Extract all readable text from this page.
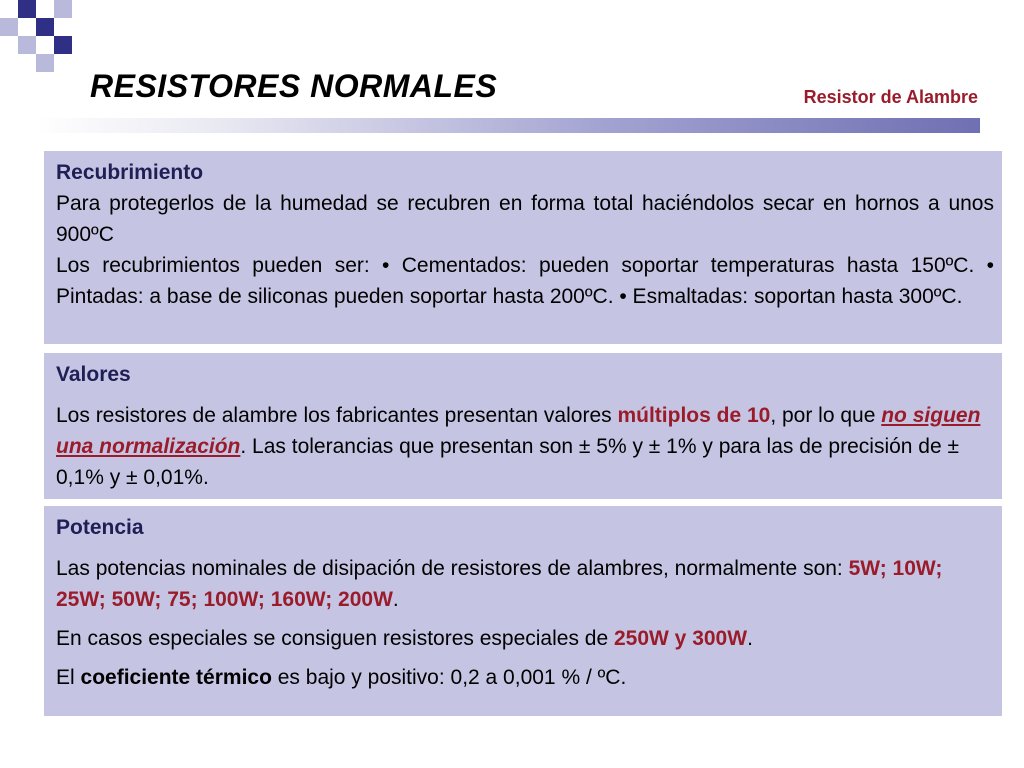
RESISTORES NORMALES	Resistor de Alambre

Recubrimiento

Para protegerlos de la humedad se recubren en forma total haciéndolos secar en hornos a unos 900ºC

Los recubrimientos pueden ser: • Cementados: pueden soportar temperaturas hasta 150ºC. • Pintadas: a base de siliconas pueden soportar hasta 200ºC. • Esmaltadas: soportan hasta 300ºC.

Valores

Los resistores de alambre los fabricantes presentan valores múltiplos de 10, por lo que no siguen una normalización. Las tolerancias que presentan son ± 5% y ± 1% y para las de precisión de ± 0,1% y ± 0,01%.

Potencia

Las potencias nominales de disipación de resistores de alambres, normalmente son: 5W; 10W; 25W; 50W; 75; 100W; 160W; 200W.

En casos especiales se consiguen resistores especiales de 250W y 300W.

El coeficiente térmico es bajo y positivo: 0,2 a 0,001 % / ºC.
